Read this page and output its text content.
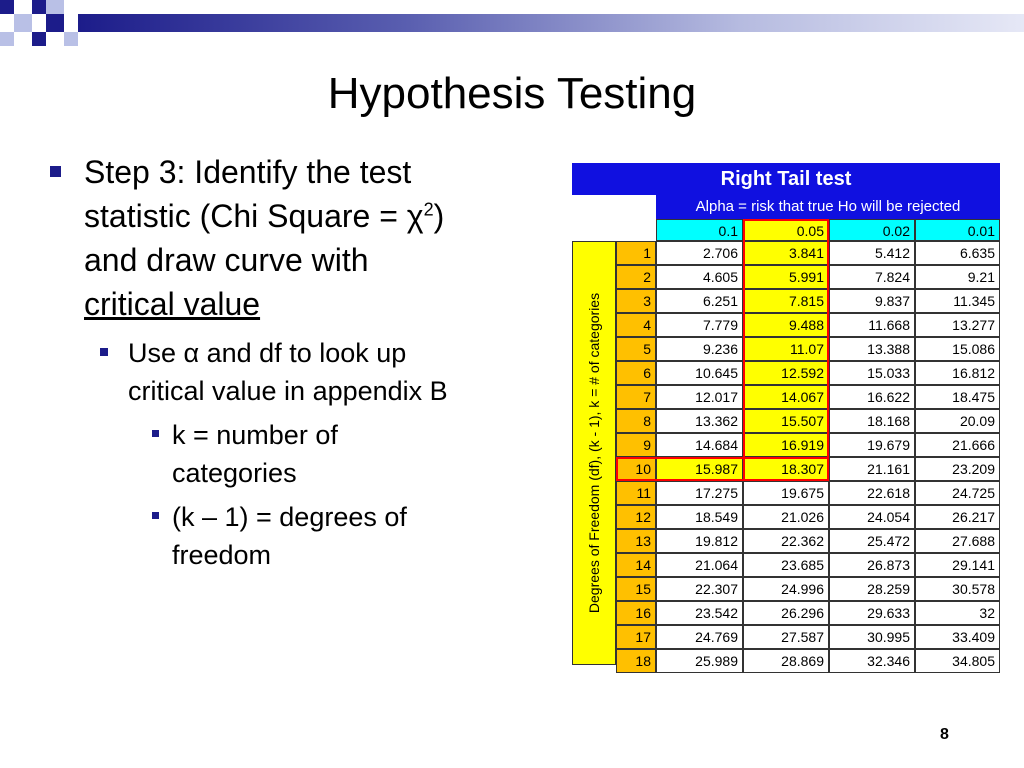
Hypothesis Testing
Step 3: Identify the test
statistic (Chi Square = $\chi^2$)
and draw curve with
critical value
Use α and df to look up
critical value in appendix B
k = number of
categories
(k – 1) = degrees of
freedom
Right Tail test
Alpha = risk that true Ho will be rejected
Degrees of Freedom (df), (k - 1), k = # of categories
0.1	0.05	0.02	0.01
1	2.706	3.841	5.412	6.635
2	4.605	5.991	7.824	9.21
3	6.251	7.815	9.837	11.345
4	7.779	9.488	11.668	13.277
5	9.236	11.07	13.388	15.086
6	10.645	12.592	15.033	16.812
7	12.017	14.067	16.622	18.475
8	13.362	15.507	18.168	20.09
9	14.684	16.919	19.679	21.666
10	15.987	18.307	21.161	23.209
11	17.275	19.675	22.618	24.725
12	18.549	21.026	24.054	26.217
13	19.812	22.362	25.472	27.688
14	21.064	23.685	26.873	29.141
15	22.307	24.996	28.259	30.578
16	23.542	26.296	29.633	32
17	24.769	27.587	30.995	33.409
18	25.989	28.869	32.346	34.805
8
